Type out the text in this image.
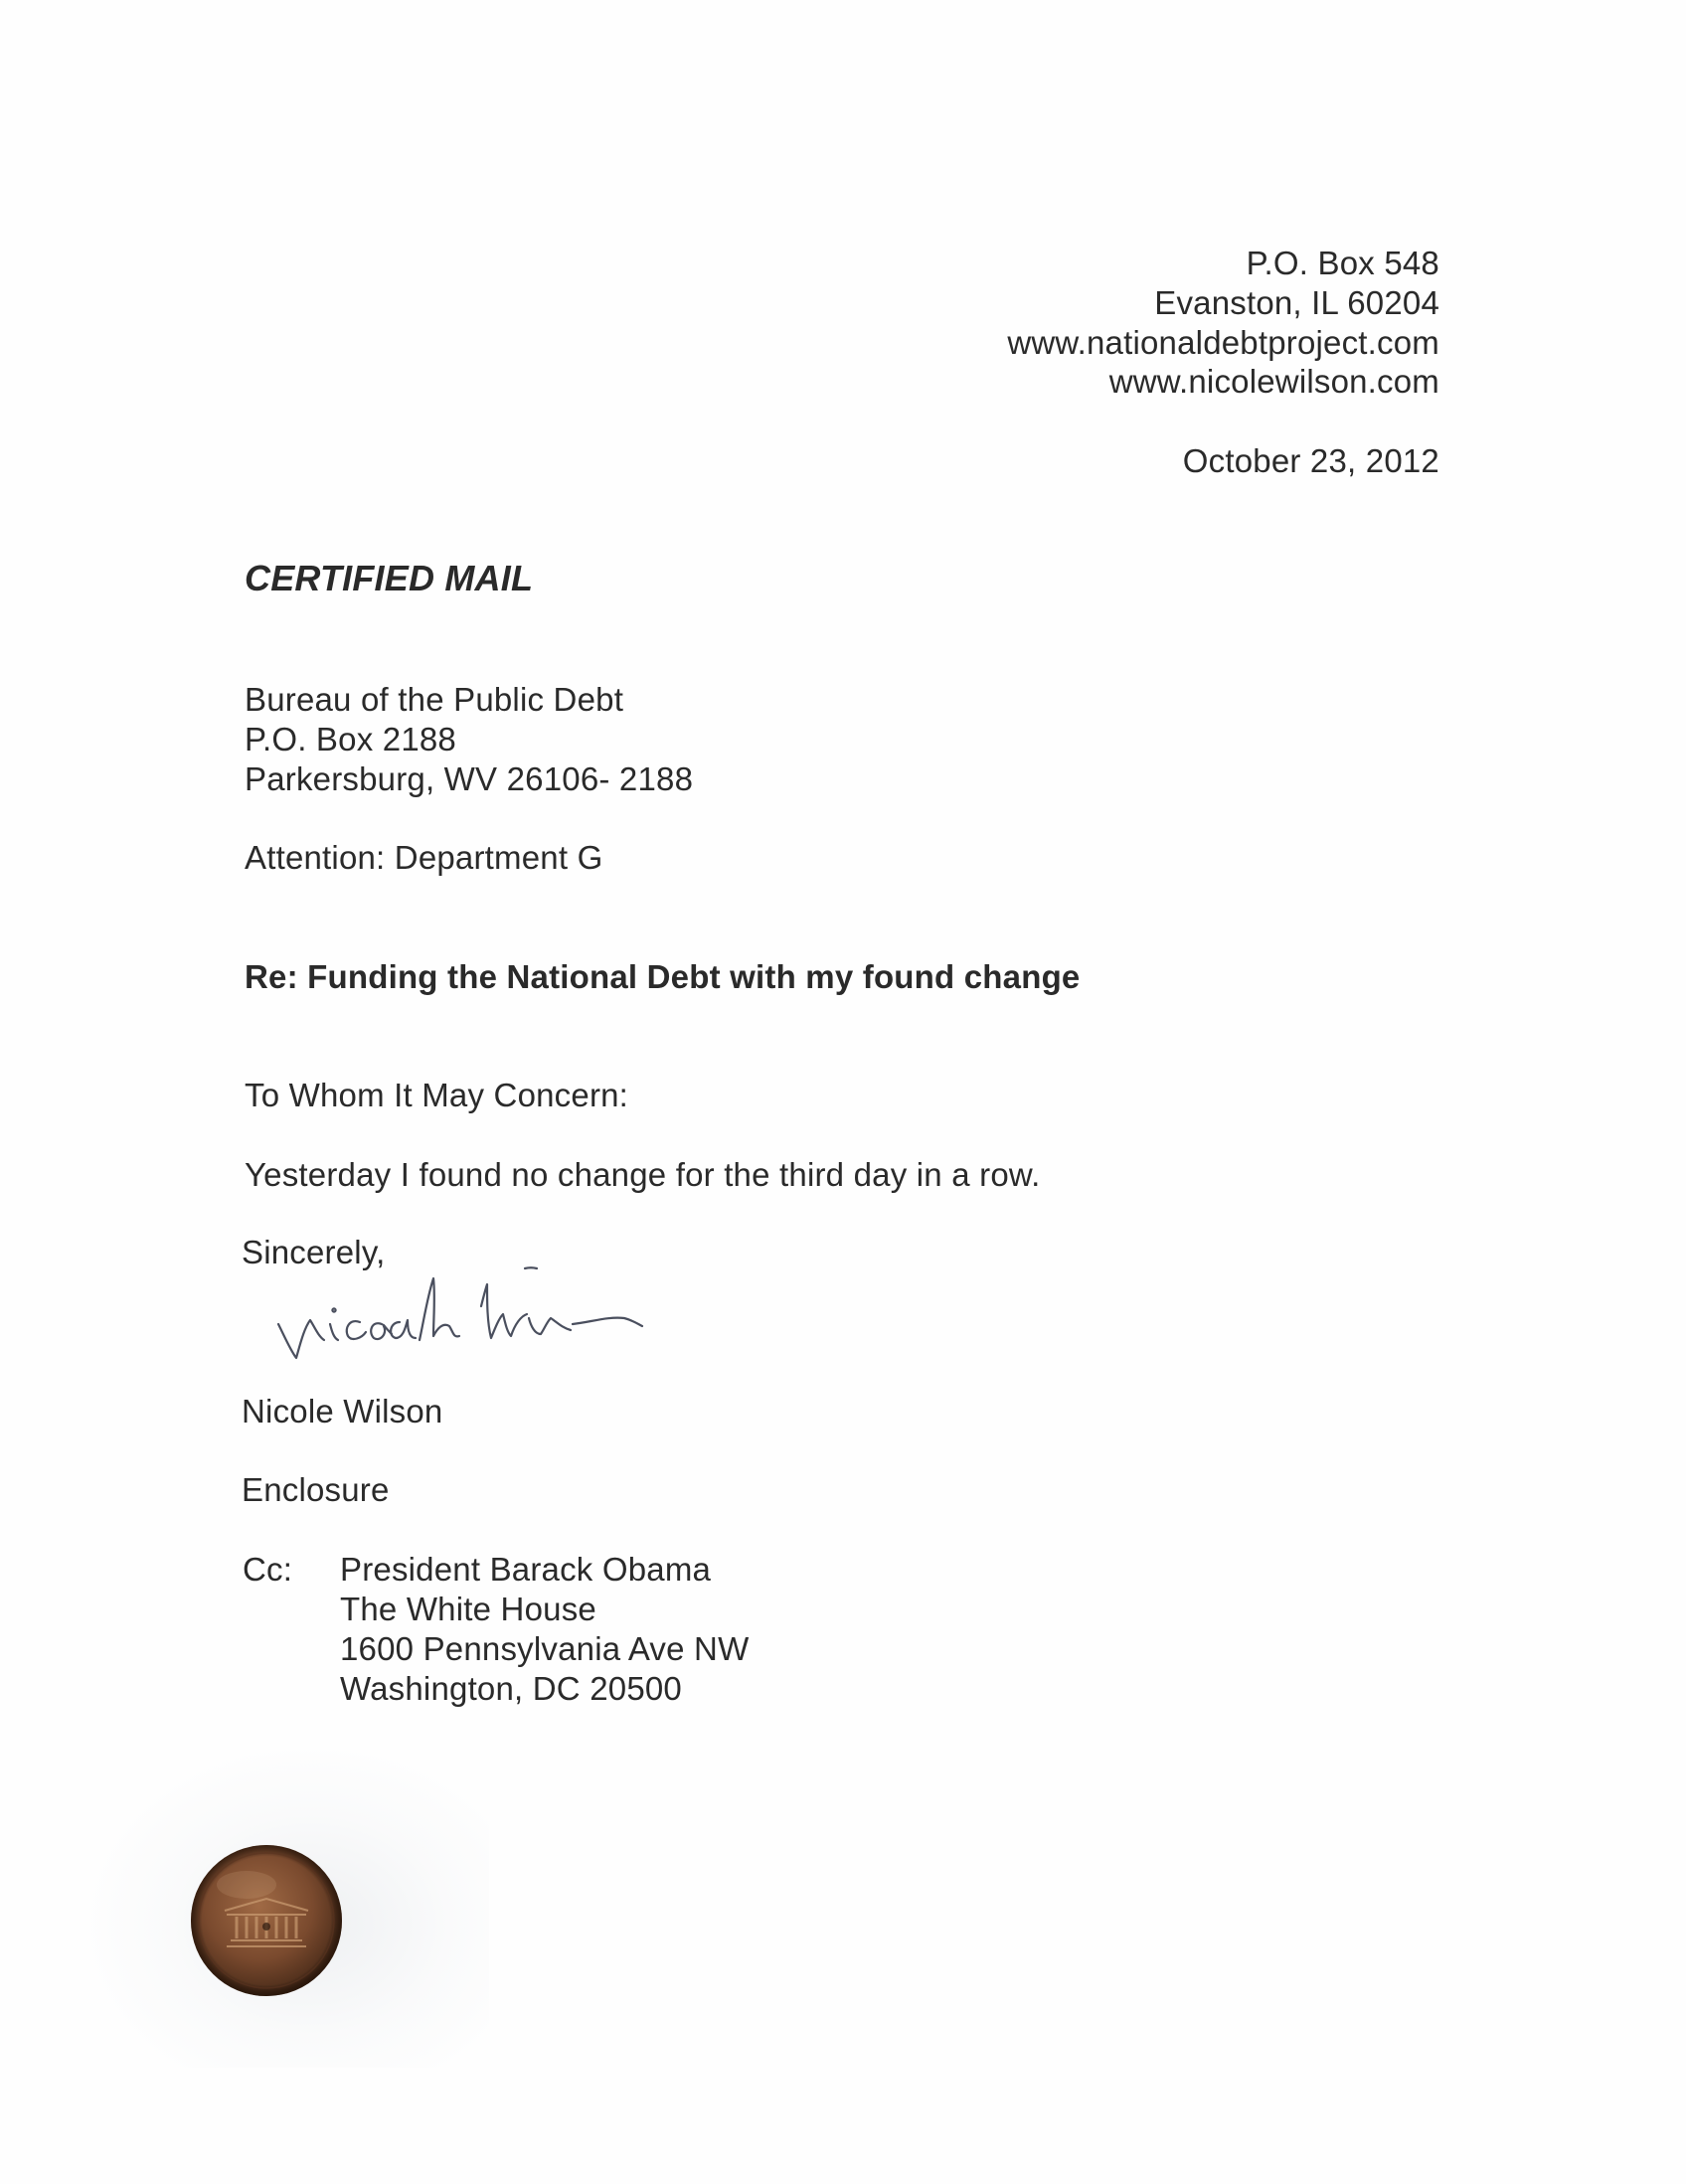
P.O. Box 548
Evanston, IL 60204
www.nationaldebtproject.com
www.nicolewilson.com
October 23, 2012
CERTIFIED MAIL
Bureau of the Public Debt
P.O. Box 2188
Parkersburg, WV 26106- 2188
Attention: Department G
Re: Funding the National Debt with my found change
To Whom It May Concern:
Yesterday I found no change for the third day in a row.
Sincerely,
Nicole Wilson
Enclosure
Cc: President Barack Obama
The White House
1600 Pennsylvania Ave NW
Washington, DC 20500
